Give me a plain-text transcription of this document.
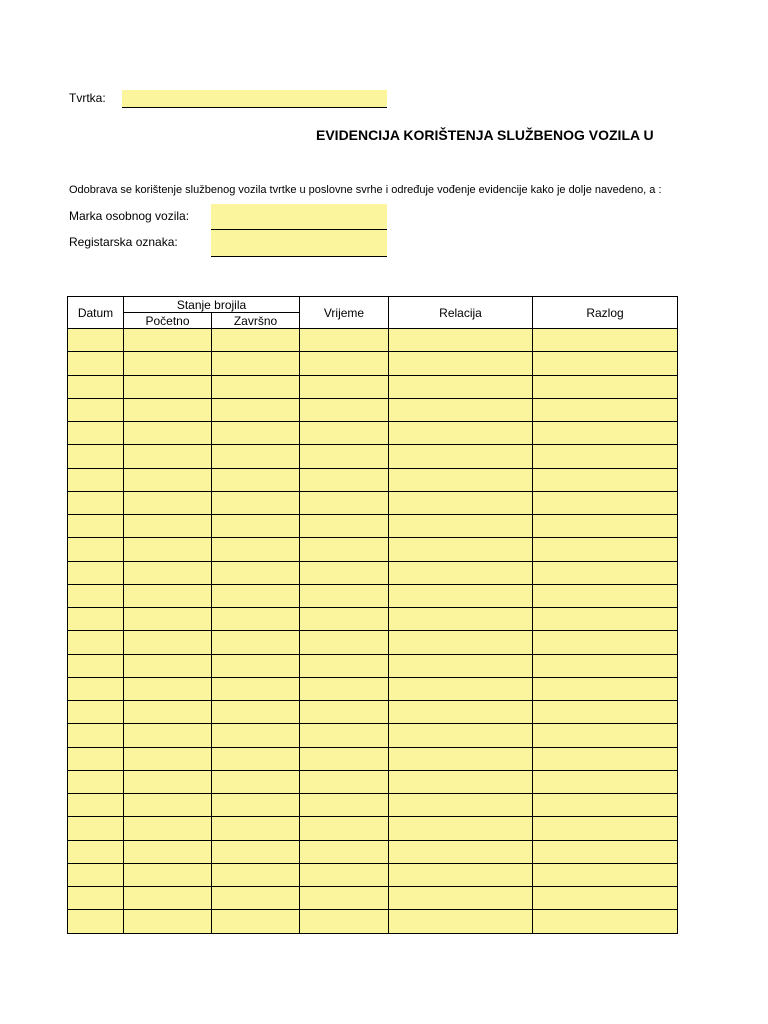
Tvrtka:
EVIDENCIJA KORIŠTENJA SLUŽBENOG VOZILA U
Odobrava se korištenje službenog vozila tvrtke u poslovne svrhe i određuje vođenje evidencije kako je dolje navedeno, a :
Marka osobnog vozila:
Registarska oznaka:
Datum	Stanje brojila		Vrijeme	Relacija	Razlog
	Početno	Završno			
